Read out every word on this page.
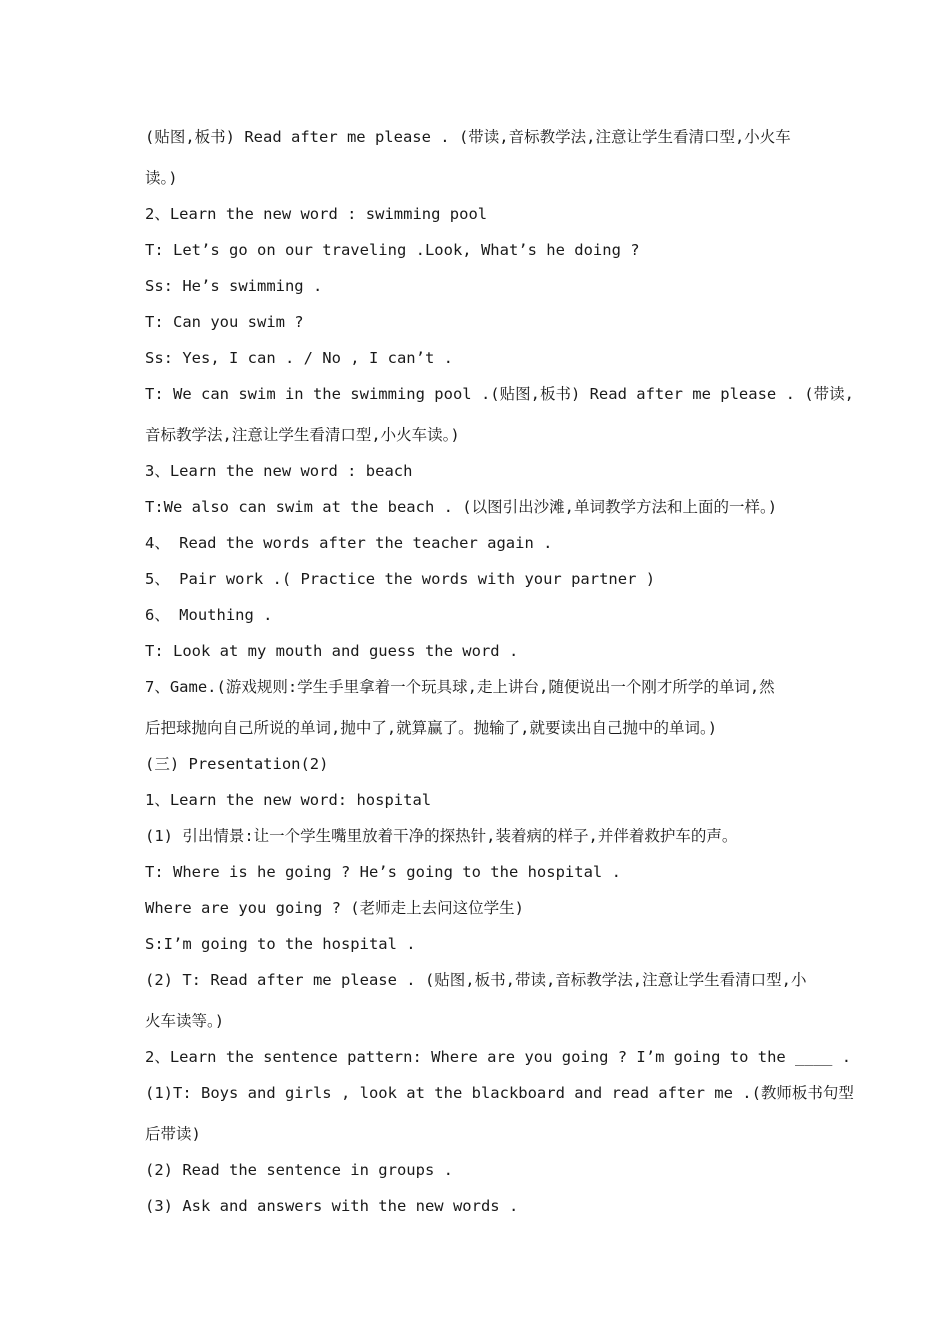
(贴图,板书) Read after me please . (带读,音标教学法,注意让学生看清口型,小火车
读。)
2、Learn the new word : swimming pool
T: Let’s go on our traveling .Look, What’s he doing ?
Ss: He’s swimming .
T: Can you swim ?
Ss: Yes, I can . / No , I can’t .
T: We can swim in the swimming pool .(贴图,板书) Read after me please . (带读,
音标教学法,注意让学生看清口型,小火车读。)
3、Learn the new word : beach
T:We also can swim at the beach . (以图引出沙滩,单词教学方法和上面的一样。)
4、 Read the words after the teacher again .
5、 Pair work .( Practice the words with your partner )
6、 Mouthing .
T: Look at my mouth and guess the word .
7、Game.(游戏规则:学生手里拿着一个玩具球,走上讲台,随便说出一个刚才所学的单词,然
后把球抛向自己所说的单词,抛中了,就算赢了。抛输了,就要读出自己抛中的单词。)
(三) Presentation(2)
1、Learn the new word: hospital
(1) 引出情景:让一个学生嘴里放着干净的探热针,装着病的样子,并伴着救护车的声。
T: Where is he going ? He’s going to the hospital .
Where are you going ? (老师走上去问这位学生)
S:I’m going to the hospital .
(2) T: Read after me please . (贴图,板书,带读,音标教学法,注意让学生看清口型,小
火车读等。)
2、Learn the sentence pattern: Where are you going ? I’m going to the ____ .
(1)T: Boys and girls , look at the blackboard and read after me .(教师板书句型
后带读)
(2) Read the sentence in groups .
(3) Ask and answers with the new words .
